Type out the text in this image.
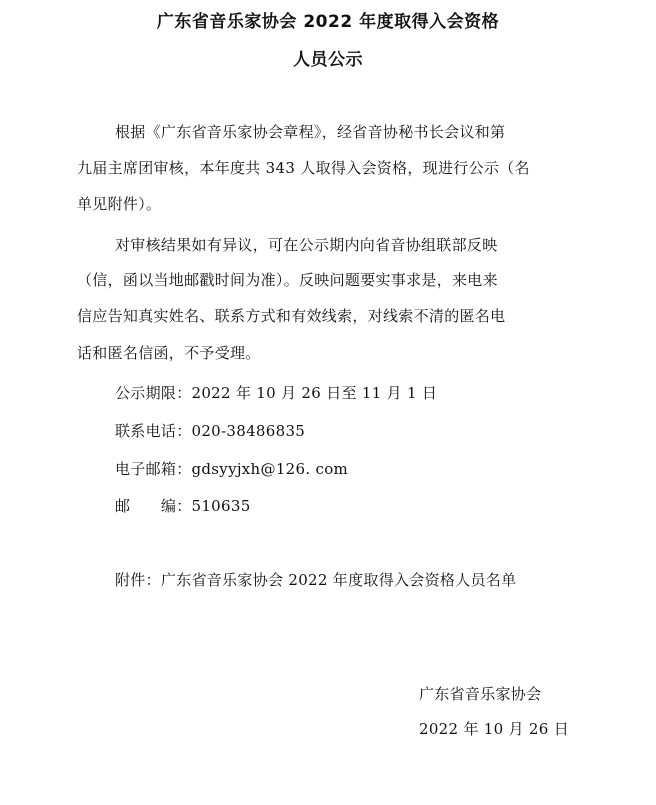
广东省音乐家协会 2022 年度取得入会资格
人员公示
根据《广东省音乐家协会章程》，经省音协秘书长会议和第
九届主席团审核，本年度共 343 人取得入会资格，现进行公示（名
单见附件）。
对审核结果如有异议，可在公示期内向省音协组联部反映
（信，函以当地邮戳时间为准）。反映问题要实事求是，来电来
信应告知真实姓名、联系方式和有效线索，对线索不清的匿名电
话和匿名信函，不予受理。
公示期限：2022 年 10 月 26 日至 11 月 1 日
联系电话：020-38486835
电子邮箱：gdsyyjxh@126. com
邮　　编：510635
附件：广东省音乐家协会 2022 年度取得入会资格人员名单
广东省音乐家协会
2022 年 10 月 26 日
